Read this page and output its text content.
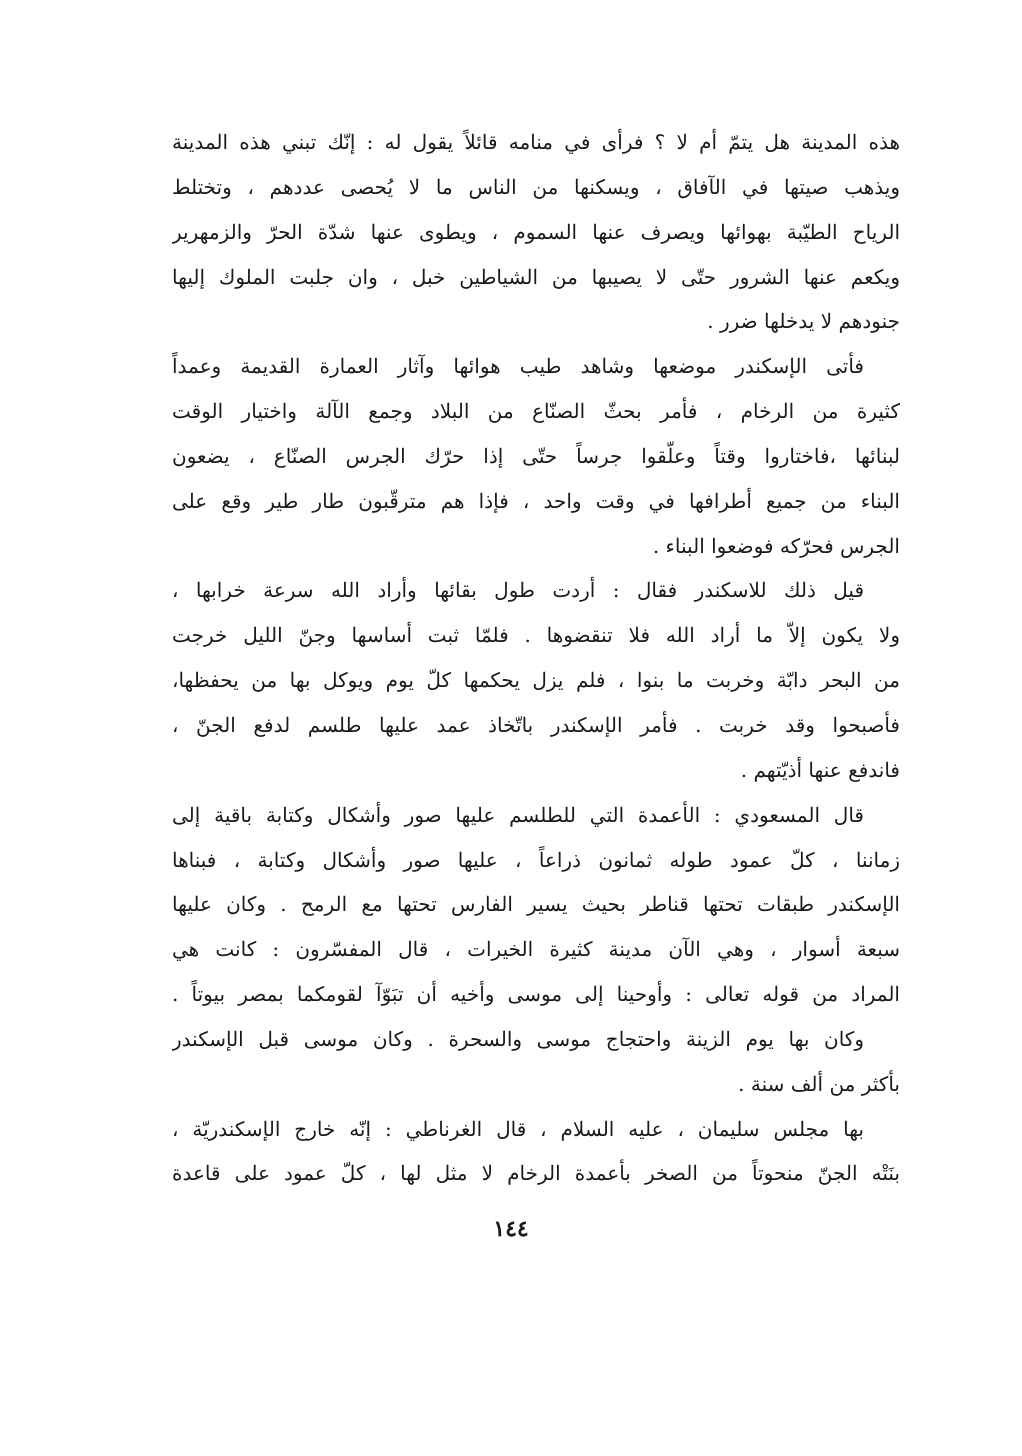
هذه المدينة هل يتمّ أم لا ؟ فرأى في منامه قائلاً يقول له : إنّك تبني هذه المدينة
ويذهب صيتها في الآفاق ، ويسكنها من الناس ما لا يُحصى عددهم ، وتختلط
الرياح الطيّبة بهوائها ويصرف عنها السموم ، ويطوى عنها شدّة الحرّ والزمهرير
ويكعم عنها الشرور حتّى لا يصيبها من الشياطين خبل ، وان جلبت الملوك إليها
جنودهم لا يدخلها ضرر .
فأتى الإسكندر موضعها وشاهد طيب هوائها وآثار العمارة القديمة وعمداً
كثيرة من الرخام ، فأمر بحثّ الصنّاع من البلاد وجمع الآلة واختيار الوقت
لبنائها ،فاختاروا وقتاً وعلّقوا جرساً حتّى إذا حرّك الجرس الصنّاع ، يضعون
البناء من جميع أطرافها في وقت واحد ، فإذا هم مترقّبون طار طير وقع على
الجرس فحرّكه فوضعوا البناء .
قيل ذلك للاسكندر فقال : أردت طول بقائها وأراد الله سرعة خرابها ،
ولا يكون إلاّ ما أراد الله فلا تنقضوها . فلمّا ثبت أساسها وجنّ الليل خرجت
من البحر دابّة وخربت ما بنوا ، فلم يزل يحكمها كلّ يوم ويوكل بها من يحفظها،
فأصبحوا وقد خربت . فأمر الإسكندر باتّخاذ عمد عليها طلسم لدفع الجنّ ،
فاندفع عنها أذيّتهم .
قال المسعودي : الأعمدة التي للطلسم عليها صور وأشكال وكتابة باقية إلى
زماننا ، كلّ عمود طوله ثمانون ذراعاً ، عليها صور وأشكال وكتابة ، فبناها
الإسكندر طبقات تحتها قناطر بحيث يسير الفارس تحتها مع الرمح . وكان عليها
سبعة أسوار ، وهي الآن مدينة كثيرة الخيرات ، قال المفسّرون : كانت هي
المراد من قوله تعالى : وأوحينا إلى موسى وأخيه أن تبَوّآ لقومكما بمصر بيوتاً .
وكان بها يوم الزينة واحتجاج موسى والسحرة . وكان موسى قبل الإسكندر
بأكثر من ألف سنة .
بها مجلس سليمان ، عليه السلام ، قال الغرناطي : إنّه خارج الإسكندريّة ،
بنَتْه الجنّ منحوتاً من الصخر بأعمدة الرخام لا مثل لها ، كلّ عمود على قاعدة
١٤٤
